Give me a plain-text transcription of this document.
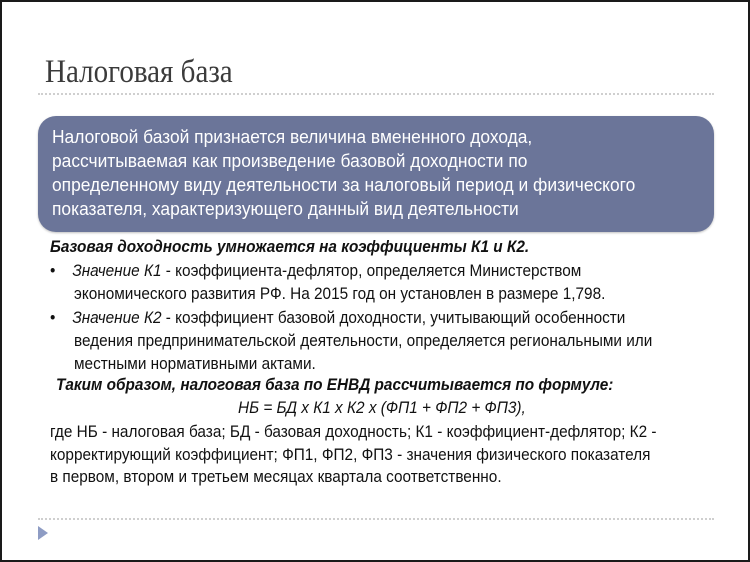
Налоговая база
Налоговой базой признается величина вмененного дохода,
рассчитываемая как произведение базовой доходности по
определенному виду деятельности за налоговый период и физического
показателя, характеризующего данный вид деятельности
Базовая доходность умножается на коэффициенты К1 и К2.
• Значение К1 - коэффициента-дефлятор, определяется Министерством
экономического развития РФ. На 2015 год он установлен в размере 1,798.
• Значение К2 - коэффициент базовой доходности, учитывающий особенности
ведения предпринимательской деятельности, определяется региональными или
местными нормативными актами.
Таким образом, налоговая база по ЕНВД рассчитывается по формуле:
НБ = БД х К1 х К2 х (ФП1 + ФП2 + ФП3),
где НБ - налоговая база; БД - базовая доходность; К1 - коэффициент-дефлятор; К2 -
корректирующий коэффициент; ФП1, ФП2, ФП3 - значения физического показателя
в первом, втором и третьем месяцах квартала соответственно.
